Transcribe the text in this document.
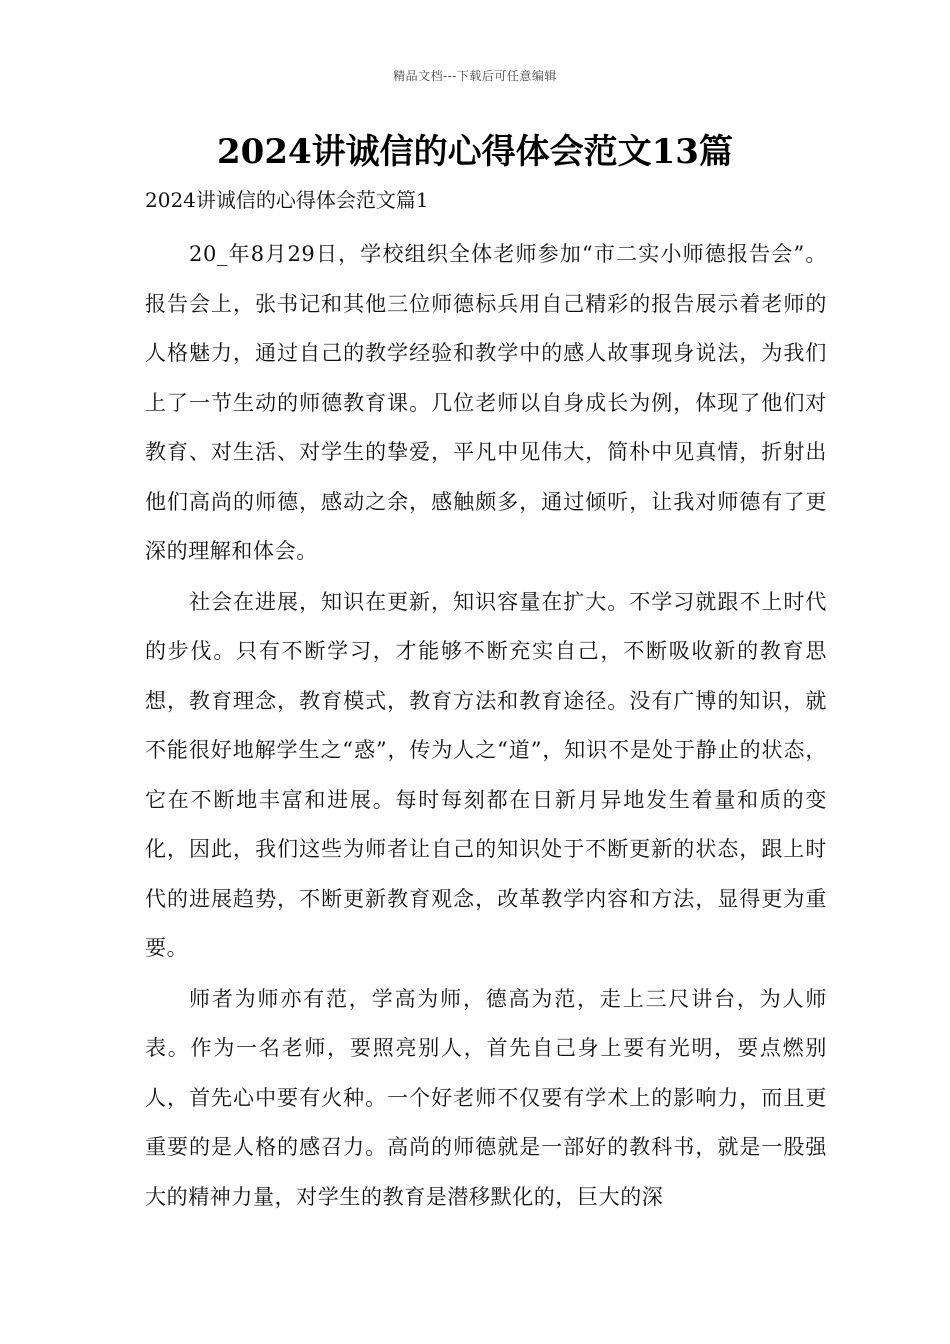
精品文档---下载后可任意编辑
2024讲诚信的心得体会范文13篇
2024讲诚信的心得体会范文篇1

20_年8月29日，学校组织全体老师参加“市二实小师德报告会”。报告会上，张书记和其他三位师德标兵用自己精彩的报告展示着老师的人格魅力，通过自己的教学经验和教学中的感人故事现身说法，为我们上了一节生动的师德教育课。几位老师以自身成长为例，体现了他们对教育、对生活、对学生的挚爱，平凡中见伟大，简朴中见真情，折射出他们高尚的师德，感动之余，感触颇多，通过倾听，让我对师德有了更深的理解和体会。

社会在进展，知识在更新，知识容量在扩大。不学习就跟不上时代的步伐。只有不断学习，才能够不断充实自己，不断吸收新的教育思想，教育理念，教育模式，教育方法和教育途径。没有广博的知识，就不能很好地解学生之“惑”，传为人之“道”，知识不是处于静止的状态，它在不断地丰富和进展。每时每刻都在日新月异地发生着量和质的变化，因此，我们这些为师者让自己的知识处于不断更新的状态，跟上时代的进展趋势，不断更新教育观念，改革教学内容和方法，显得更为重要。

师者为师亦有范，学高为师，德高为范，走上三尺讲台，为人师表。作为一名老师，要照亮别人，首先自己身上要有光明，要点燃别人，首先心中要有火种。一个好老师不仅要有学术上的影响力，而且更重要的是人格的感召力。高尚的师德就是一部好的教科书，就是一股强大的精神力量，对学生的教育是潜移默化的，巨大的深
